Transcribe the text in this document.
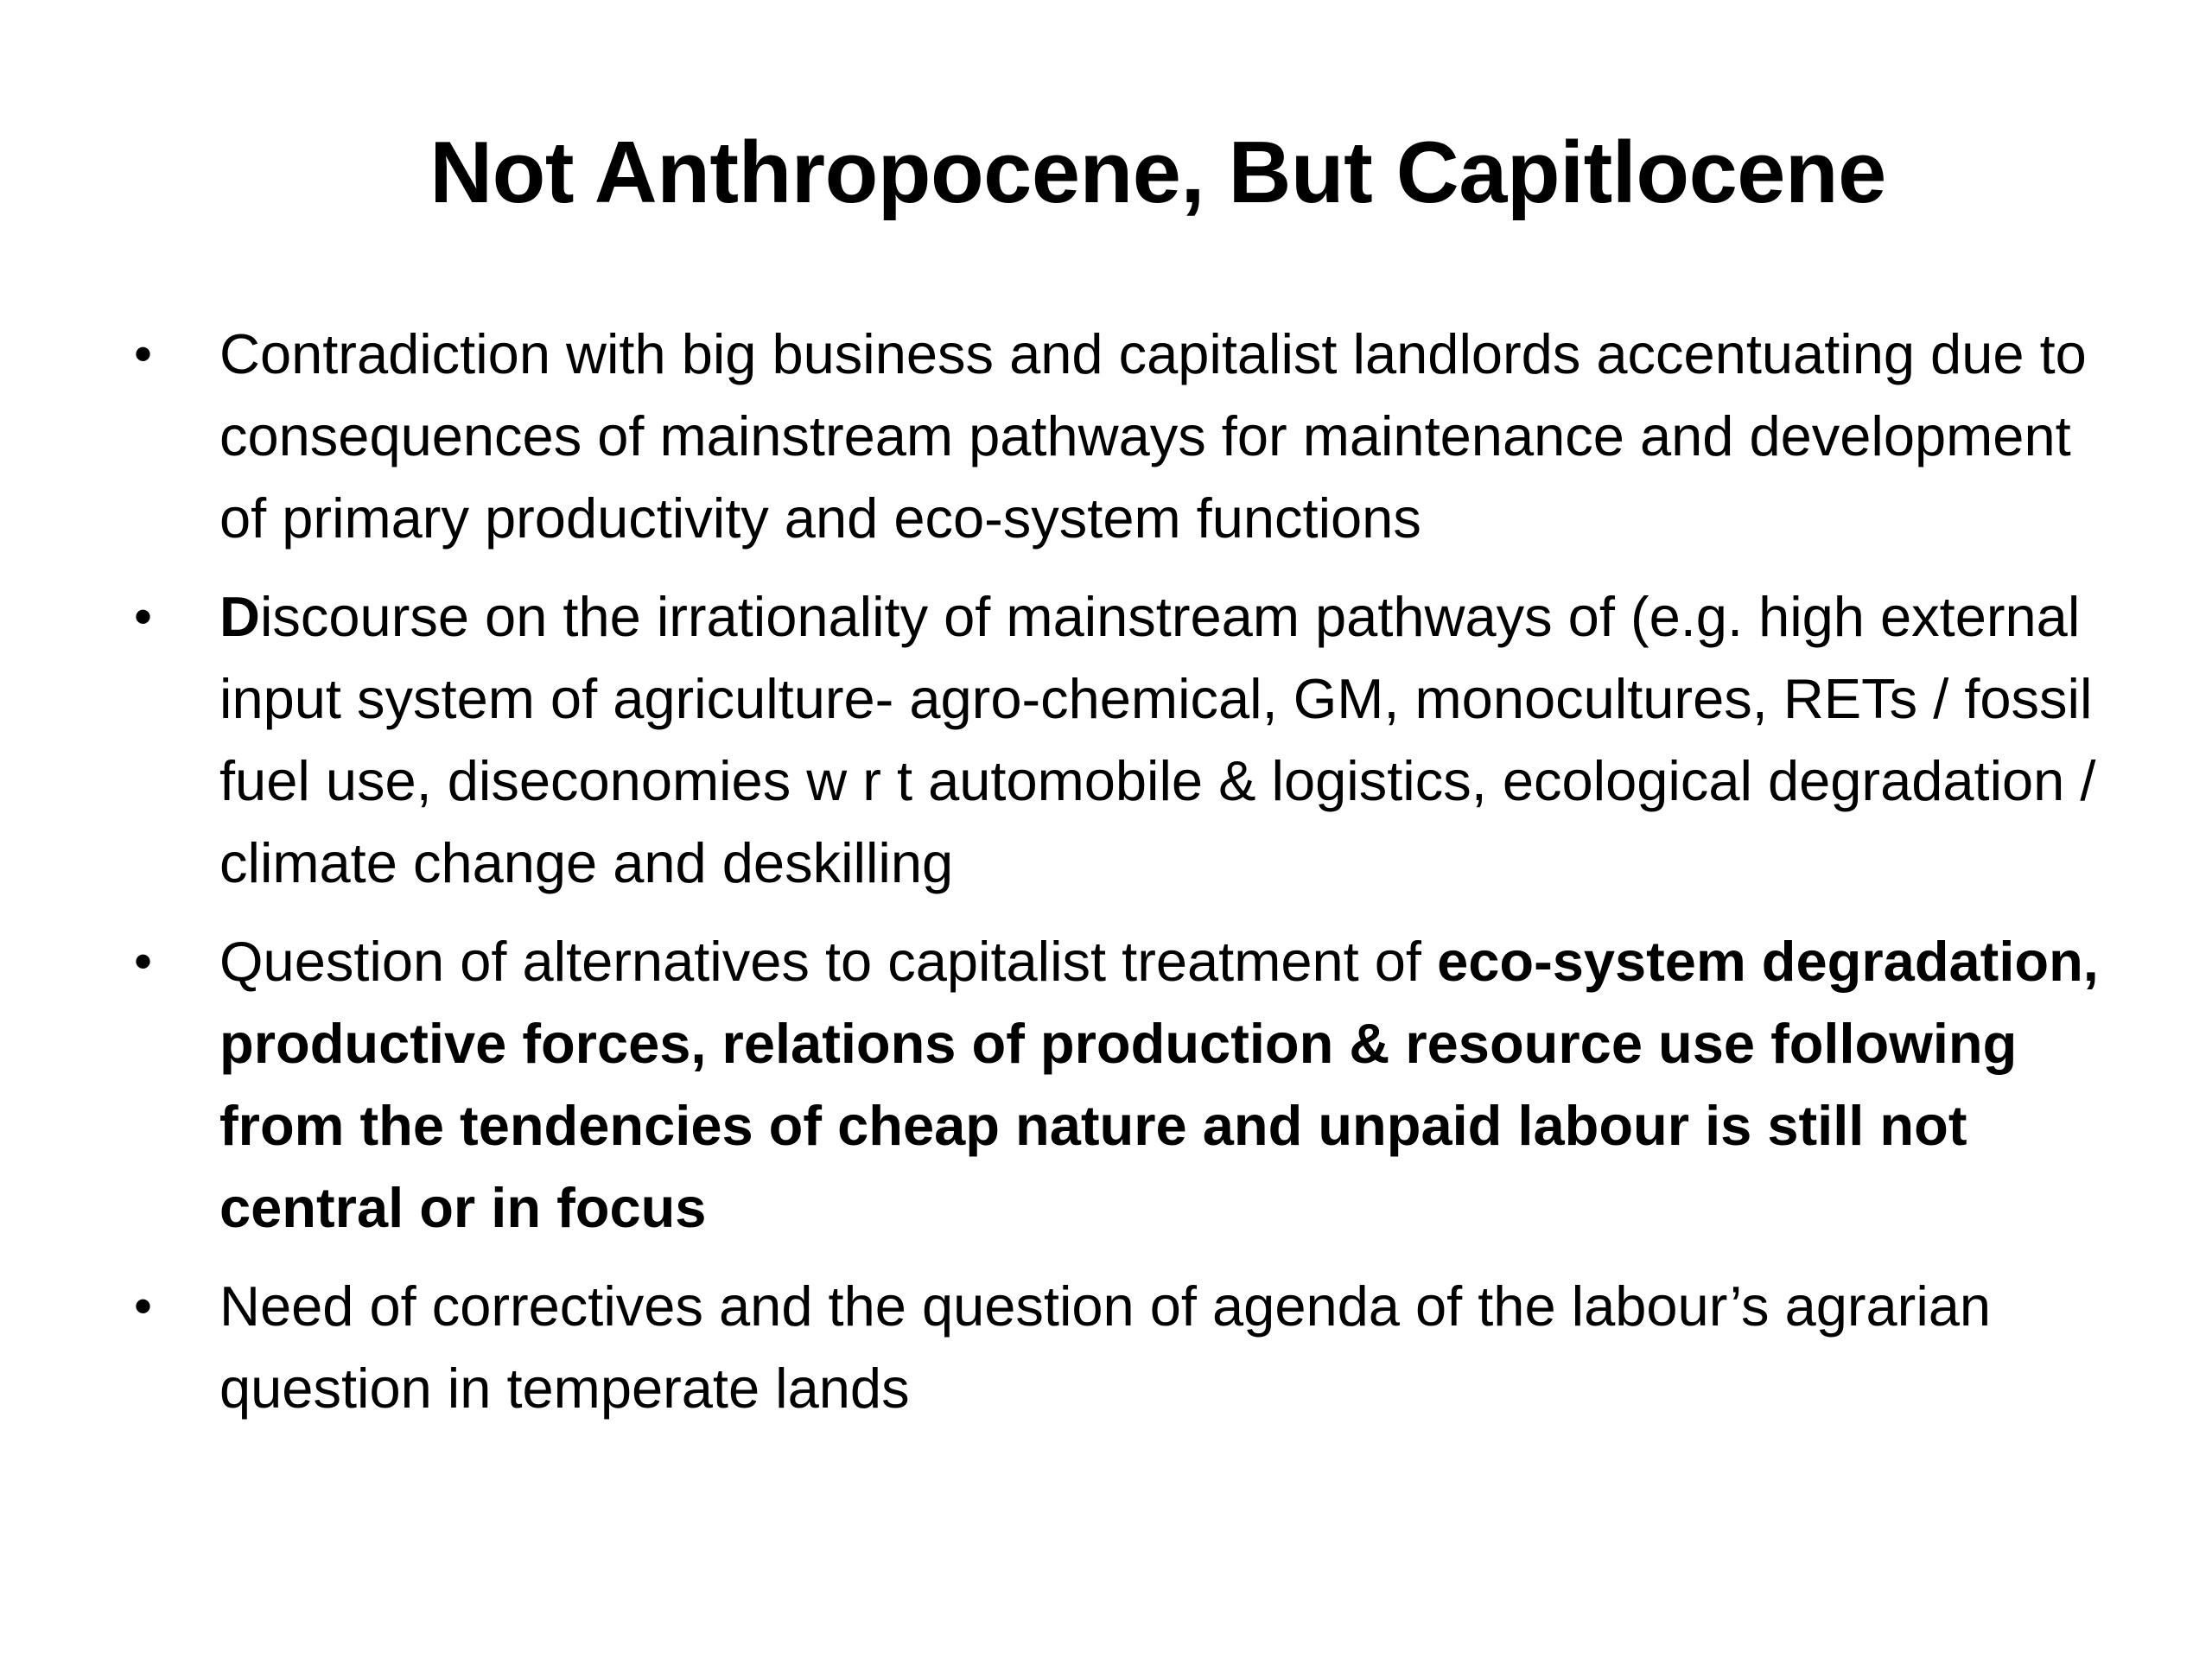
Not Anthropocene, But Capitlocene
• Contradiction with big business and capitalist landlords accentuating due to consequences of mainstream pathways for maintenance and development of primary productivity and eco-system functions
• Discourse on the irrationality of mainstream pathways of (e.g. high external input system of agriculture- agro-chemical, GM, monocultures, RETs / fossil fuel use, diseconomies w r t automobile & logistics, ecological degradation / climate change and deskilling
• Question of alternatives to capitalist treatment of eco-system degradation, productive forces, relations of production & resource use following from the tendencies of cheap nature and unpaid labour is still not central or in focus
• Need of correctives and the question of agenda of the labour’s agrarian question in temperate lands
